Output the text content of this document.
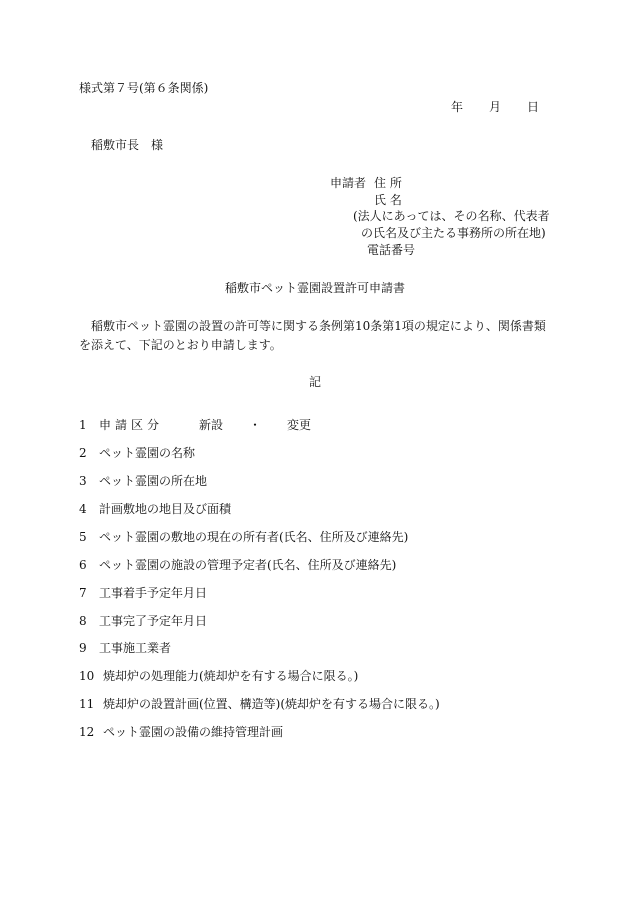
様式第７号(第６条関係)
年 月 日
稲敷市長　様
申請者 住 所
氏 名
(法人にあっては、その名称、代表者
の氏名及び主たる事務所の所在地)
電話番号
稲敷市ペット霊園設置許可申請書
稲敷市ペット霊園の設置の許可等に関する条例第10条第1項の規定により、関係書類を添えて、下記のとおり申請します。
記
1 申請区分	新設 ・ 変更
2 ペット霊園の名称
3 ペット霊園の所在地
4 計画敷地の地目及び面積
5 ペット霊園の敷地の現在の所有者(氏名、住所及び連絡先)
6 ペット霊園の施設の管理予定者(氏名、住所及び連絡先)
7 工事着手予定年月日
8 工事完了予定年月日
9 工事施工業者
10 焼却炉の処理能力(焼却炉を有する場合に限る。)
11 焼却炉の設置計画(位置、構造等)(焼却炉を有する場合に限る。)
12 ペット霊園の設備の維持管理計画
